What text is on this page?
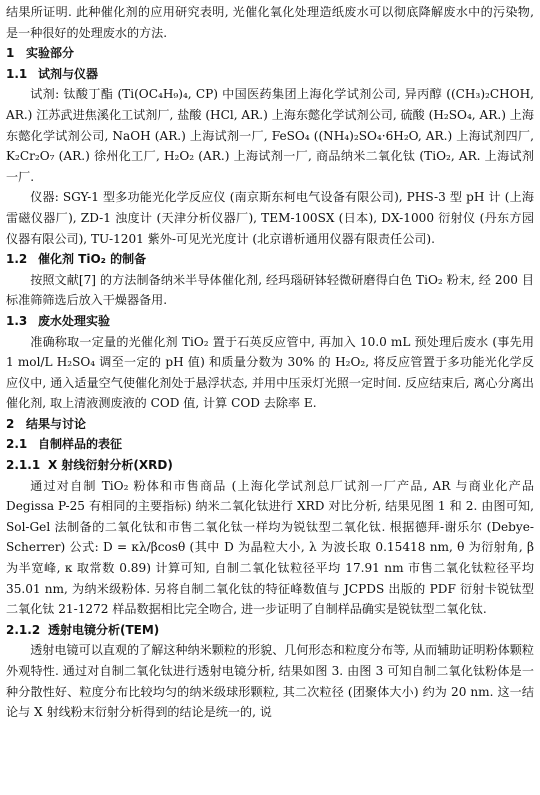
结果所证明. 此种催化剂的应用研究表明, 光催化氧化处理造纸废水可以彻底降解废水中的污染物, 是一种很好的处理废水的方法.

1 实验部分
1.1 试剂与仪器

试剂: 钛酸丁酯 (Ti(OC₄H₉)₄, CP) 中国医药集团上海化学试剂公司, 异丙醇 ((CH₃)₂CHOH, AR.) 江苏武进焦溪化工试剂厂, 盐酸 (HCl, AR.) 上海东懿化学试剂公司, 硫酸 (H₂SO₄, AR.) 上海东懿化学试剂公司, NaOH (AR.) 上海试剂一厂, FeSO₄ ((NH₄)₂SO₄·6H₂O, AR.) 上海试剂四厂, K₂Cr₂O₇ (AR.) 徐州化工厂, H₂O₂ (AR.) 上海试剂一厂, 商品纳米二氧化钛 (TiO₂, AR. 上海试剂一厂.

仪器: SGY-1 型多功能光化学反应仪 (南京斯东柯电气设备有限公司), PHS-3 型 pH 计 (上海雷磁仪器厂), ZD-1 浊度计 (天津分析仪器厂), TEM-100SX (日本), DX-1000 衍射仪 (丹东方园仪器有限公司), TU-1201 紫外-可见光光度计 (北京谱析通用仪器有限责任公司).

1.2 催化剂 TiO₂ 的制备

按照文献[7] 的方法制备纳米半导体催化剂, 经玛瑙研钵轻微研磨得白色 TiO₂ 粉末, 经 200 目标准筛筛选后放入干燥器备用.

1.3 废水处理实验

准确称取一定量的光催化剂 TiO₂ 置于石英反应管中, 再加入 10.0 mL 预处理后废水 (事先用 1 mol/L H₂SO₄ 调至一定的 pH 值) 和质量分数为 30% 的 H₂O₂, 将反应管置于多功能光化学反应仪中, 通入适量空气使催化剂处于悬浮状态, 并用中压汞灯光照一定时间. 反应结束后, 离心分离出催化剂, 取上清液测废液的 COD 值, 计算 COD 去除率 E.

2 结果与讨论
2.1 自制样品的表征
2.1.1 X 射线衍射分析(XRD)

通过对自制 TiO₂ 粉体和市售商品 (上海化学试剂总厂试剂一厂产品, AR 与商业化产品 Degissa P-25 有相同的主要指标) 纳米二氧化钛进行 XRD 对比分析, 结果见图 1 和 2. 由图可知, Sol-Gel 法制备的二氧化钛和市售二氧化钛一样均为锐钛型二氧化钛. 根据德拜-谢乐尔 (Debye-Scherrer) 公式: D = κλ/βcosθ (其中 D 为晶粒大小, λ 为波长取 0.15418 nm, θ 为衍射角, β 为半宽峰, κ 取常数 0.89) 计算可知, 自制二氧化钛粒径平均 17.91 nm 市售二氧化钛粒径平均 35.01 nm, 为纳米级粉体. 另将自制二氧化钛的特征峰数值与 JCPDS 出版的 PDF 衍射卡锐钛型二氧化钛 21-1272 样品数据相比完全吻合, 进一步证明了自制样品确实是锐钛型二氧化钛.

2.1.2 透射电镜分析(TEM)

透射电镜可以直观的了解这种纳米颗粒的形貌、几何形态和粒度分布等, 从而辅助证明粉体颗粒外观特性. 通过对自制二氧化钛进行透射电镜分析, 结果如图 3. 由图 3 可知自制二氧化钛粉体是一种分散性好、粒度分布比较均匀的纳米级球形颗粒, 其二次粒径 (团聚体大小) 约为 20 nm. 这一结论与 X 射线粉末衍射分析得到的结论是统一的, 说
